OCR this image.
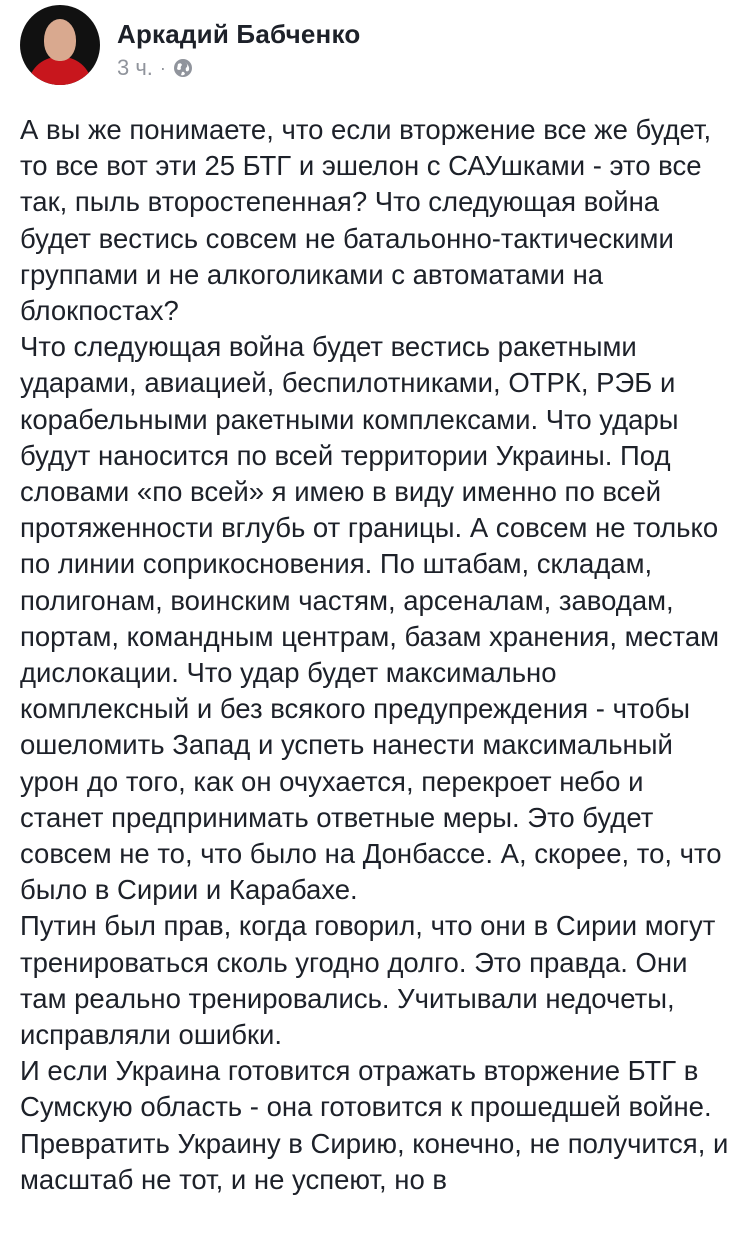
Аркадий Бабченко
3 ч. ·

А вы же понимаете, что если вторжение все же будет, то все вот эти 25 БТГ и эшелон с САУшками - это все так, пыль второстепенная? Что следующая война будет вестись совсем не батальонно-тактическими группами и не алкоголиками с автоматами на блокпостах?

Что следующая война будет вестись ракетными ударами, авиацией, беспилотниками, ОТРК, РЭБ и корабельными ракетными комплексами. Что удары будут наносится по всей территории Украины. Под словами «по всей» я имею в виду именно по всей протяженности вглубь от границы. А совсем не только по линии соприкосновения. По штабам, складам, полигонам, воинским частям, арсеналам, заводам, портам, командным центрам, базам хранения, местам дислокации. Что удар будет максимально комплексный и без всякого предупреждения - чтобы ошеломить Запад и успеть нанести максимальный урон до того, как он очухается, перекроет небо и станет предпринимать ответные меры. Это будет совсем не то, что было на Донбассе. А, скорее, то, что было в Сирии и Карабахе.

Путин был прав, когда говорил, что они в Сирии могут тренироваться сколь угодно долго. Это правда. Они там реально тренировались. Учитывали недочеты, исправляли ошибки.

И если Украина готовится отражать вторжение БТГ в Сумскую область - она готовится к прошедшей войне.

Превратить Украину в Сирию, конечно, не получится, и масштаб не тот, и не успеют, но в
